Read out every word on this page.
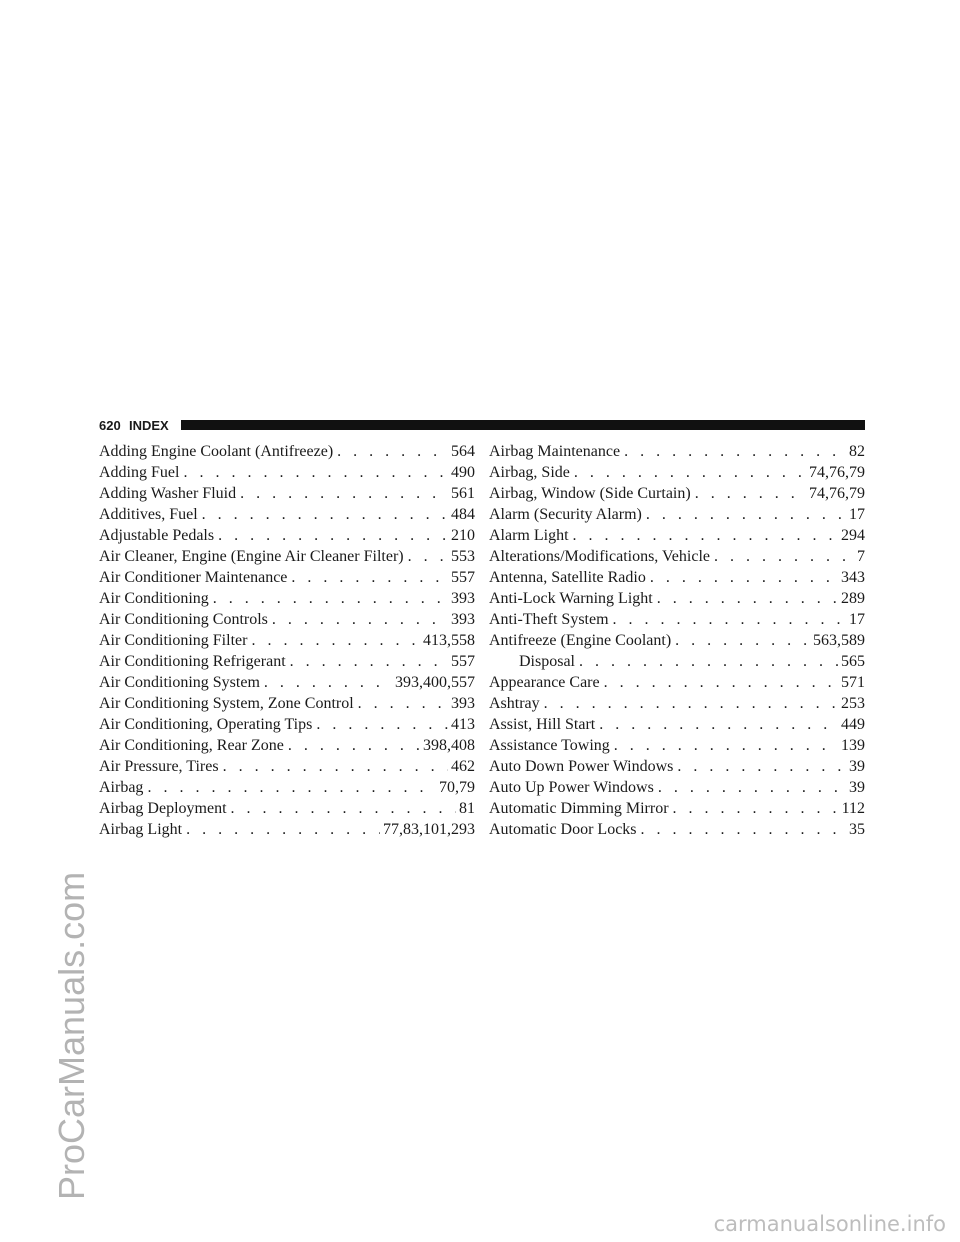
ProCarManuals.com
carmanualsonline.info
620 INDEX
Adding Engine Coolant (Antifreeze) . . .	564
Adding Fuel . . .	490
Adding Washer Fluid . . .	561
Additives, Fuel . . .	484
Adjustable Pedals . . .	210
Air Cleaner, Engine (Engine Air Cleaner Filter) . . .	553
Air Conditioner Maintenance . . .	557
Air Conditioning . . .	393
Air Conditioning Controls . . .	393
Air Conditioning Filter . . .	413,558
Air Conditioning Refrigerant . . .	557
Air Conditioning System . . .	393,400,557
Air Conditioning System, Zone Control . . .	393
Air Conditioning, Operating Tips . . .	413
Air Conditioning, Rear Zone . . .	398,408
Air Pressure, Tires . . .	462
Airbag . . .	70,79
Airbag Deployment . . .	81
Airbag Light . . .	77,83,101,293
Airbag Maintenance . . .	82
Airbag, Side . . .	74,76,79
Airbag, Window (Side Curtain) . . .	74,76,79
Alarm (Security Alarm) . . .	17
Alarm Light . . .	294
Alterations/Modifications, Vehicle . . .	7
Antenna, Satellite Radio . . .	343
Anti-Lock Warning Light . . .	289
Anti-Theft System . . .	17
Antifreeze (Engine Coolant) . . .	563,589
Disposal . . .	565
Appearance Care . . .	571
Ashtray . . .	253
Assist, Hill Start . . .	449
Assistance Towing . . .	139
Auto Down Power Windows . . .	39
Auto Up Power Windows . . .	39
Automatic Dimming Mirror . . .	112
Automatic Door Locks . . .	35
